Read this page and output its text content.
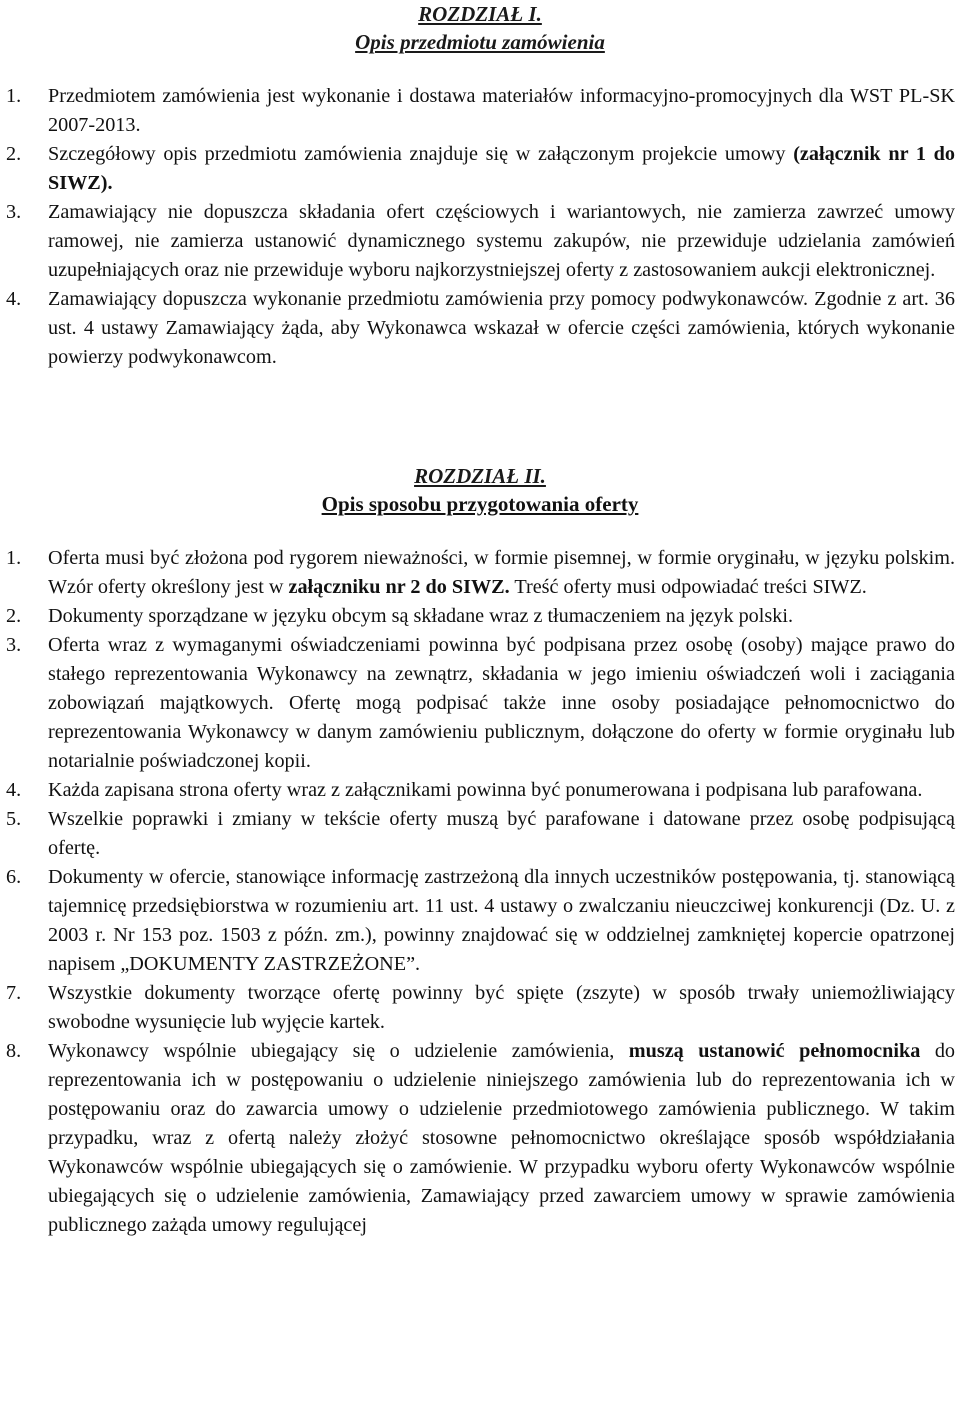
ROZDZIAŁ I.

Opis przedmiotu zamówienia

1. Przedmiotem zamówienia jest wykonanie i dostawa materiałów informacyjno-promocyjnych dla WST PL-SK 2007-2013.
2. Szczegółowy opis przedmiotu zamówienia znajduje się w załączonym projekcie umowy (załącznik nr 1 do SIWZ).
3. Zamawiający nie dopuszcza składania ofert częściowych i wariantowych, nie zamierza zawrzeć umowy ramowej, nie zamierza ustanowić dynamicznego systemu zakupów, nie przewiduje udzielania zamówień uzupełniających oraz nie przewiduje wyboru najkorzystniejszej oferty z zastosowaniem aukcji elektronicznej.
4. Zamawiający dopuszcza wykonanie przedmiotu zamówienia przy pomocy podwykonawców. Zgodnie z art. 36 ust. 4 ustawy Zamawiający żąda, aby Wykonawca wskazał w ofercie części zamówienia, których wykonanie powierzy podwykonawcom.

ROZDZIAŁ II.

Opis sposobu przygotowania oferty

1. Oferta musi być złożona pod rygorem nieważności, w formie pisemnej, w formie oryginału, w języku polskim. Wzór oferty określony jest w załączniku nr 2 do SIWZ. Treść oferty musi odpowiadać treści SIWZ.
2. Dokumenty sporządzane w języku obcym są składane wraz z tłumaczeniem na język polski.
3. Oferta wraz z wymaganymi oświadczeniami powinna być podpisana przez osobę (osoby) mające prawo do stałego reprezentowania Wykonawcy na zewnątrz, składania w jego imieniu oświadczeń woli i zaciągania zobowiązań majątkowych. Ofertę mogą podpisać także inne osoby posiadające pełnomocnictwo do reprezentowania Wykonawcy w danym zamówieniu publicznym, dołączone do oferty w formie oryginału lub notarialnie poświadczonej kopii.
4. Każda zapisana strona oferty wraz z załącznikami powinna być ponumerowana i podpisana lub parafowana.
5. Wszelkie poprawki i zmiany w tekście oferty muszą być parafowane i datowane przez osobę podpisującą ofertę.
6. Dokumenty w ofercie, stanowiące informację zastrzeżoną dla innych uczestników postępowania, tj. stanowiącą tajemnicę przedsiębiorstwa w rozumieniu art. 11 ust. 4 ustawy o zwalczaniu nieuczciwej konkurencji (Dz. U. z 2003 r. Nr 153 poz. 1503 z późn. zm.), powinny znajdować się w oddzielnej zamkniętej kopercie opatrzonej napisem „DOKUMENTY ZASTRZEŻONE”.
7. Wszystkie dokumenty tworzące ofertę powinny być spięte (zszyte) w sposób trwały uniemożliwiający swobodne wysunięcie lub wyjęcie kartek.
8. Wykonawcy wspólnie ubiegający się o udzielenie zamówienia, muszą ustanowić pełnomocnika do reprezentowania ich w postępowaniu o udzielenie niniejszego zamówienia lub do reprezentowania ich w postępowaniu oraz do zawarcia umowy o udzielenie przedmiotowego zamówienia publicznego. W takim przypadku, wraz z ofertą należy złożyć stosowne pełnomocnictwo określające sposób współdziałania Wykonawców wspólnie ubiegających się o zamówienie. W przypadku wyboru oferty Wykonawców wspólnie ubiegających się o udzielenie zamówienia, Zamawiający przed zawarciem umowy w sprawie zamówienia publicznego zażąda umowy regulującej
